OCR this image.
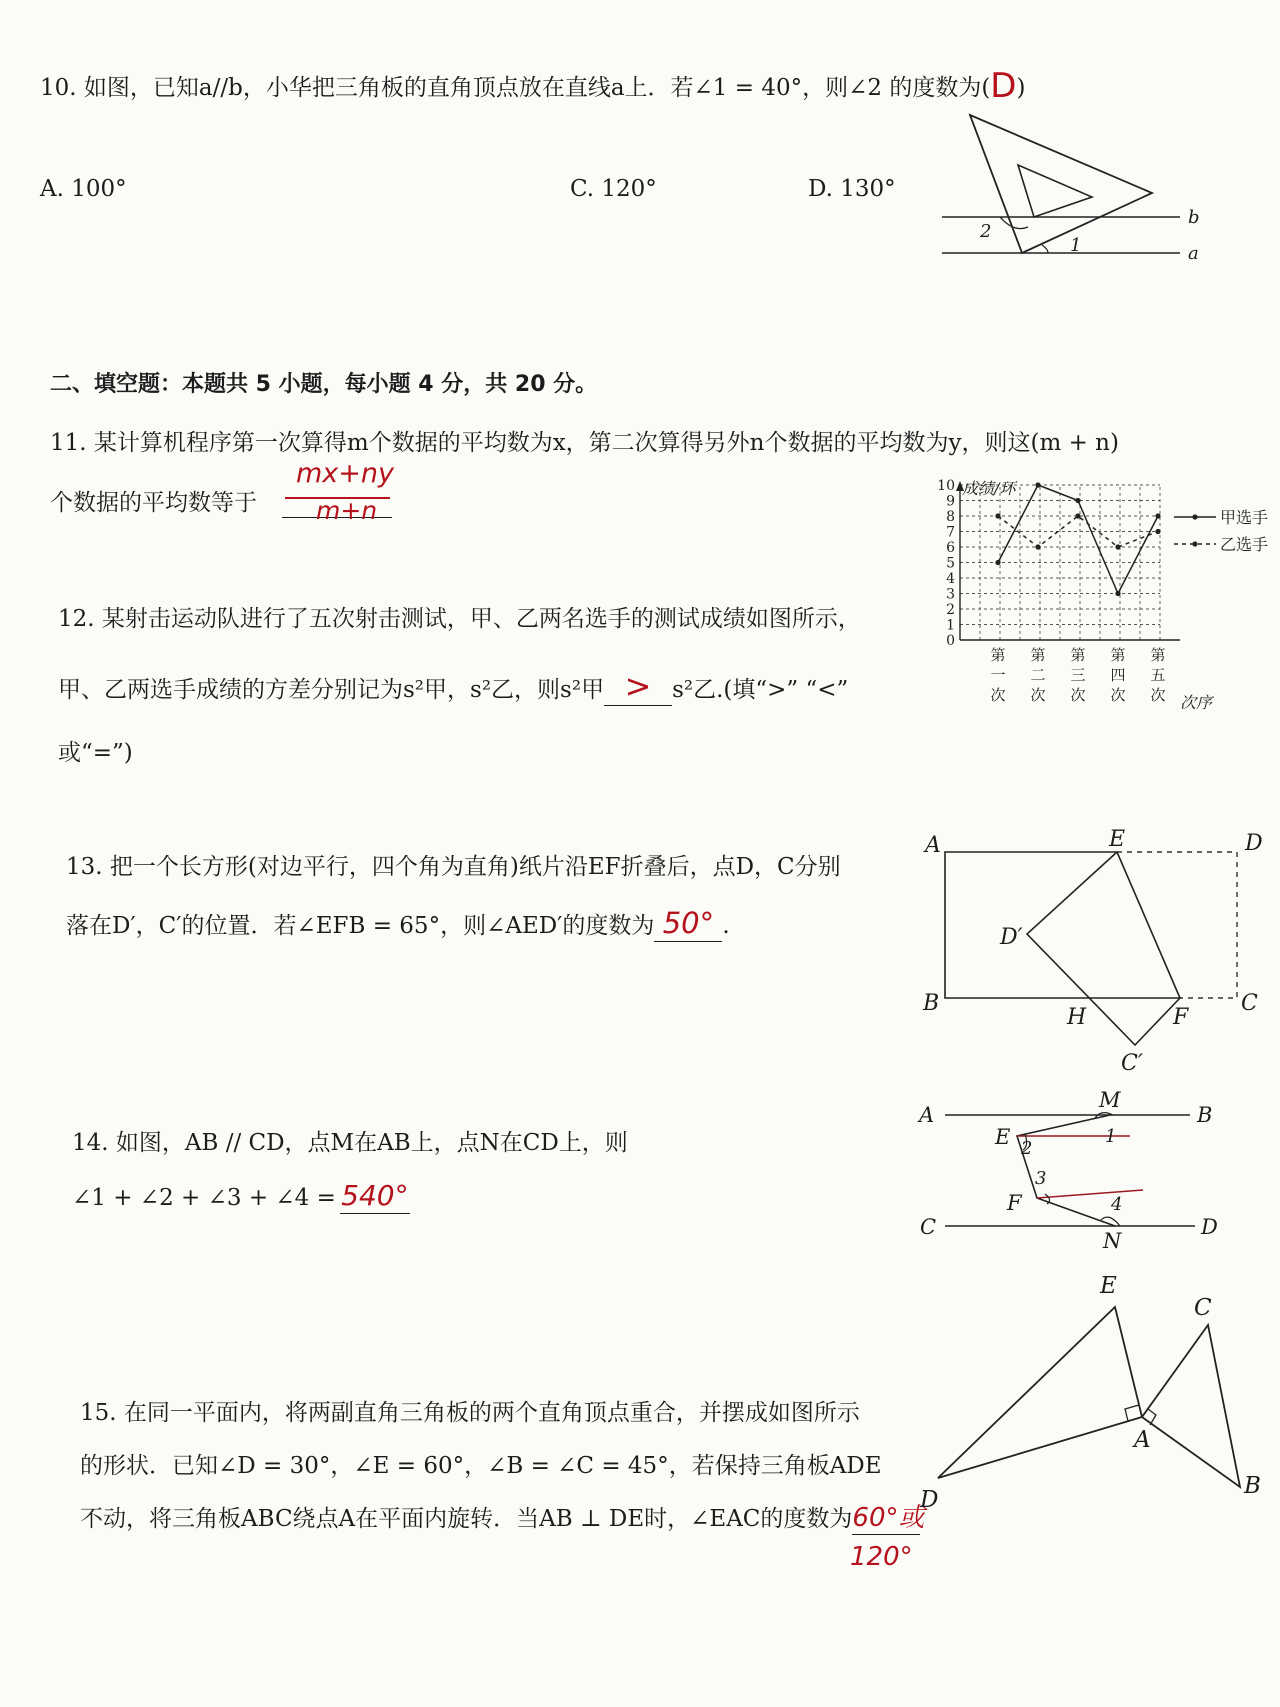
10. 如图，已知a//b，小华把三角板的直角顶点放在直线a上．若∠1 = 40°，则∠2 的度数为(D)
A. 100°	C. 120°	D. 130°
b
a
2
1
二、填空题：本题共 5 小题，每小题 4 分，共 20 分。
11. 某计算机程序第一次算得m个数据的平均数为x，第二次算得另外n个数据的平均数为y，则这(m + n)
个数据的平均数等于
mx+ny
m+n
0
1
2
3
4
5
6
7
8
9
10
第
一
次
第
二
次
第
三
次
第
四
次
第
五
次
成绩/环
次序
甲选手
乙选手
12. 某射击运动队进行了五次射击测试，甲、乙两名选手的测试成绩如图所示，
甲、乙两选手成绩的方差分别记为s²甲，s²乙，则s²甲 > s²乙.(填“>” “<”
或“=”)
13. 把一个长方形(对边平行，四个角为直角)纸片沿EF折叠后，点D，C分别
落在D′，C′的位置．若∠EFB = 65°，则∠AED′的度数为 50° .
A	E	D
D′
B
H	F
C
C′
14. 如图，AB // CD，点M在AB上，点N在CD上，则
∠1 + ∠2 + ∠3 + ∠4 = 540°
A
M
B
E
F
C
N
D
1
2
3
4
15. 在同一平面内，将两副直角三角板的两个直角顶点重合，并摆成如图所示
的形状．已知∠D = 30°，∠E = 60°，∠B = ∠C = 45°，若保持三角板ADE
不动，将三角板ABC绕点A在平面内旋转．当AB ⊥ DE时，∠EAC的度数为60°或
120°
E
C
A
D
B
